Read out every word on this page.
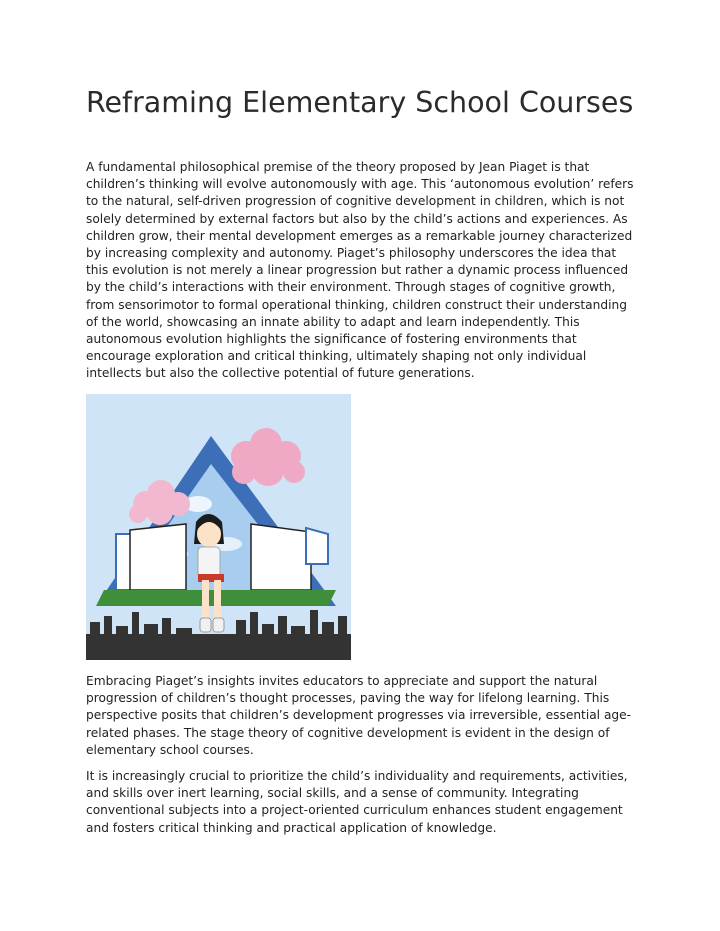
Reframing Elementary School Courses

A fundamental philosophical premise of the theory proposed by Jean Piaget is that children’s thinking will evolve autonomously with age. This ‘autonomous evolution’ refers to the natural, self-driven progression of cognitive development in children, which is not solely determined by external factors but also by the child’s actions and experiences. As children grow, their mental development emerges as a remarkable journey characterized by increasing complexity and autonomy. Piaget’s philosophy underscores the idea that this evolution is not merely a linear progression but rather a dynamic process influenced by the child’s interactions with their environment. Through stages of cognitive growth, from sensorimotor to formal operational thinking, children construct their understanding of the world, showcasing an innate ability to adapt and learn independently. This autonomous evolution highlights the significance of fostering environments that encourage exploration and critical thinking, ultimately shaping not only individual intellects but also the collective potential of future generations.

Embracing Piaget’s insights invites educators to appreciate and support the natural progression of children’s thought processes, paving the way for lifelong learning. This perspective posits that children’s development progresses via irreversible, essential age-related phases. The stage theory of cognitive development is evident in the design of elementary school courses.

It is increasingly crucial to prioritize the child’s individuality and requirements, activities, and skills over inert learning, social skills, and a sense of community. Integrating conventional subjects into a project-oriented curriculum enhances student engagement and fosters critical thinking and practical application of knowledge.
